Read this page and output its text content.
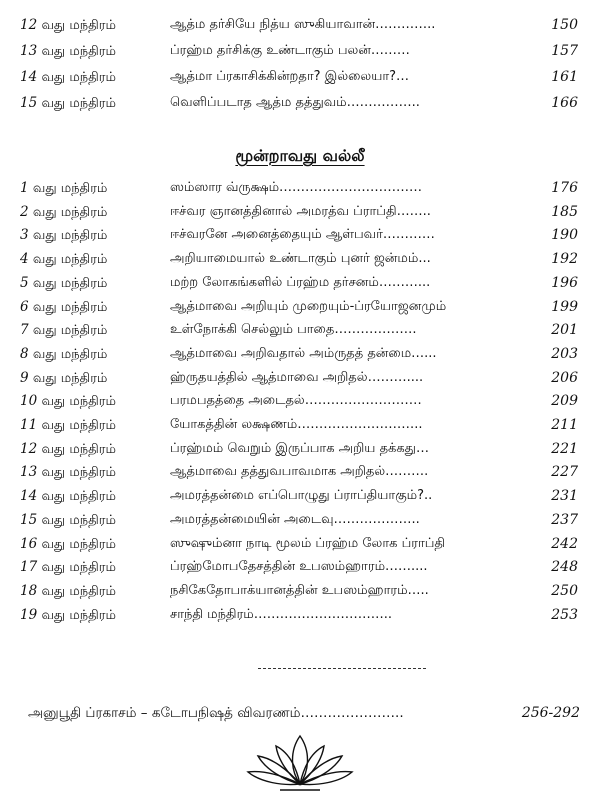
12 வது மந்திரம்	ஆத்ம தர்சியே நித்ய ஸுகியாவான்…………..	150
13 வது மந்திரம்	ப்ரஹ்ம தர்சிக்கு உண்டாகும் பலன்………	157
14 வது மந்திரம்	ஆத்மா ப்ரகாசிக்கின்றதா? இல்லையா?…	161
15 வது மந்திரம்	வெளிப்படாத ஆத்ம தத்துவம்……………..	166
மூன்றாவது வல்லீ
1 வது மந்திரம்	ஸம்ஸார வ்ருக்ஷம்……………………………	176
2 வது மந்திரம்	ஈச்வர ஞானத்தினால் அமரத்வ ப்ராப்தி……..	185
3 வது மந்திரம்	ஈச்வரனே அனைத்தையும் ஆள்பவர்…………	190
4 வது மந்திரம்	அறியாமையால் உண்டாகும் புனர் ஜன்மம்...	192
5 வது மந்திரம்	மற்ற லோகங்களில் ப்ரஹ்ம தர்சனம்………...	196
6 வது மந்திரம்	ஆத்மாவை அறியும் முறையும்-ப்ரயோஜனமும்	199
7 வது மந்திரம்	உள்நோக்கி செல்லும் பாதை……………….	201
8 வது மந்திரம்	ஆத்மாவை அறிவதால் அம்ருதத் தன்மை…...	203
9 வது மந்திரம்	ஹ்ருதயத்தில் ஆத்மாவை அறிதல்………....	206
10 வது மந்திரம்	பரமபதத்தை அடைதல்………………………	209
11 வது மந்திரம்	யோகத்தின் லக்ஷணம்………………………..	211
12 வது மந்திரம்	ப்ரஹ்மம் வெறும் இருப்பாக அறிய தக்கது…	221
13 வது மந்திரம்	ஆத்மாவை தத்துவபாவமாக அறிதல்……….	227
14 வது மந்திரம்	அமரத்தன்மை எப்பொழுது ப்ராப்தியாகும்?..	231
15 வது மந்திரம்	அமரத்தன்மையின் அடைவு………………..	237
16 வது மந்திரம்	ஸுஷும்னா நாடி மூலம் ப்ரஹ்ம லோக ப்ராப்தி	242
17 வது மந்திரம்	ப்ரஹ்மோபதேசத்தின் உபஸம்ஹாரம்……....	248
18 வது மந்திரம்	நசிகேதோபாக்யானத்தின் உபஸம்ஹாரம்…..	250
19 வது மந்திரம்	சாந்தி மந்திரம்…………………………..	253
அனுபூதி ப்ரகாசம் – கடோபநிஷத் விவரணம்…………………..	256-292
